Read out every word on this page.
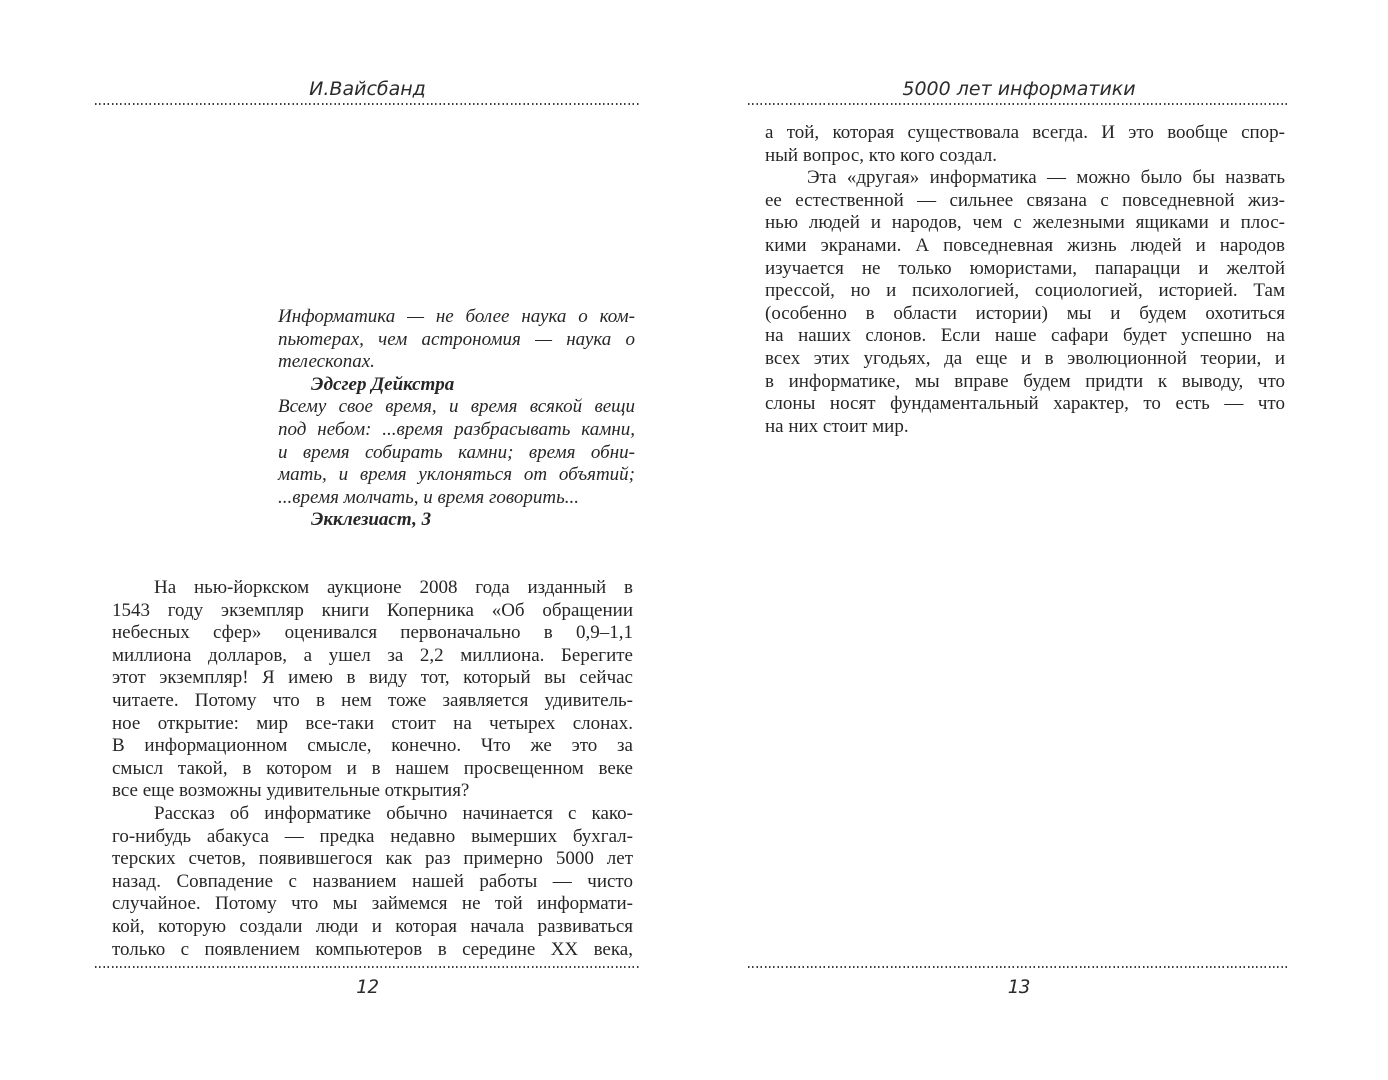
И.Вайсбанд
Информатика — не более наука о ком-
пьютерах, чем астрономия — наука о
телескопах.
Эдсгер Дейкстра
Всему свое время, и время всякой вещи
под небом: ...время разбрасывать камни,
и время собирать камни; время обни-
мать, и время уклоняться от объятий;
...время молчать, и время говорить...
Экклезиаст, 3
На нью-йоркском аукционе 2008 года изданный в
1543 году экземпляр книги Коперника «Об обращении
небесных сфер» оценивался первоначально в 0,9–1,1
миллиона долларов, а ушел за 2,2 миллиона. Берегите
этот экземпляр! Я имею в виду тот, который вы сейчас
читаете. Потому что в нем тоже заявляется удивитель-
ное открытие: мир все-таки стоит на четырех слонах.
В информационном смысле, конечно. Что же это за
смысл такой, в котором и в нашем просвещенном веке
все еще возможны удивительные открытия?
Рассказ об информатике обычно начинается с како-
го-нибудь абакуса — предка недавно вымерших бухгал-
терских счетов, появившегося как раз примерно 5000 лет
назад. Совпадение с названием нашей работы — чисто
случайное. Потому что мы займемся не той информати-
кой, которую создали люди и которая начала развиваться
только с появлением компьютеров в середине XX века,
12
5000 лет информатики
а той, которая существовала всегда. И это вообще спор-
ный вопрос, кто кого создал.
Эта «другая» информатика — можно было бы назвать
ее естественной — сильнее связана с повседневной жиз-
нью людей и народов, чем с железными ящиками и плос-
кими экранами. А повседневная жизнь людей и народов
изучается не только юмористами, папарацци и желтой
прессой, но и психологией, социологией, историей. Там
(особенно в области истории) мы и будем охотиться
на наших слонов. Если наше сафари будет успешно на
всех этих угодьях, да еще и в эволюционной теории, и
в информатике, мы вправе будем придти к выводу, что
слоны носят фундаментальный характер, то есть — что
на них стоит мир.
13
